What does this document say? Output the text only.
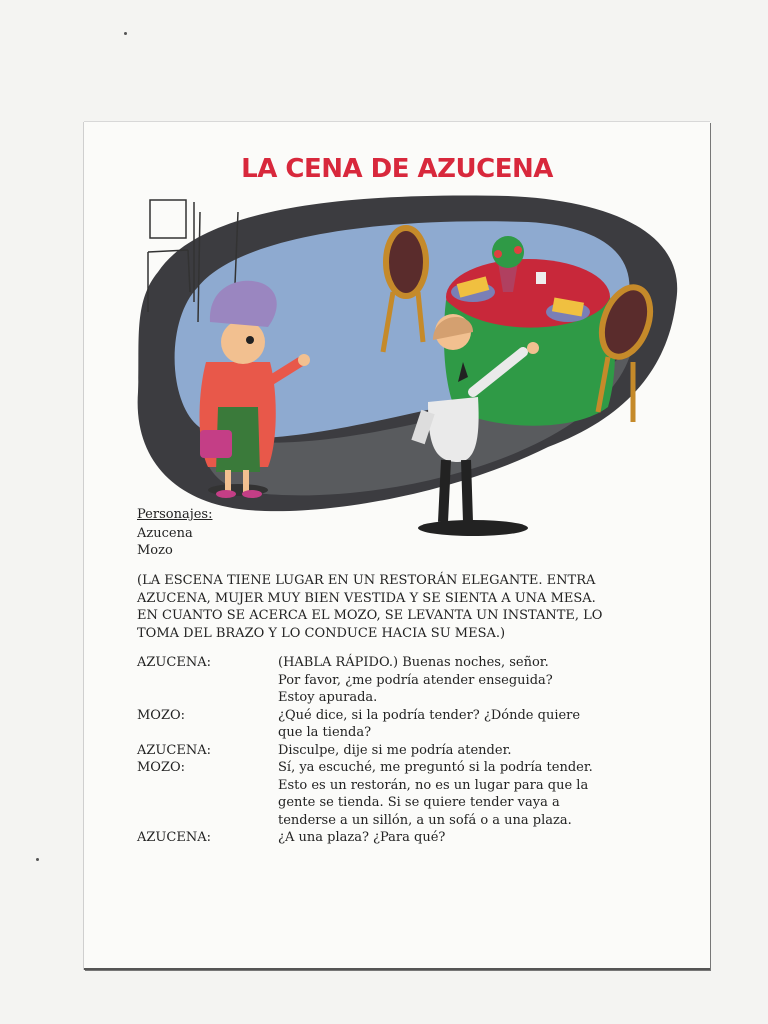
LA CENA DE AZUCENA
Personajes:
Azucena
Mozo
(LA ESCENA TIENE LUGAR EN UN RESTORÁN ELEGANTE. ENTRA
AZUCENA, MUJER MUY BIEN VESTIDA Y SE SIENTA A UNA MESA.
EN CUANTO SE ACERCA EL MOZO, SE LEVANTA UN INSTANTE, LO
TOMA DEL BRAZO Y LO CONDUCE HACIA SU MESA.)
AZUCENA:	(HABLA RÁPIDO.) Buenas noches, señor.
Por favor, ¿me podría atender enseguida?
Estoy apurada.
MOZO:	¿Qué dice, si la podría tender? ¿Dónde quiere
que la tienda?
AZUCENA:	Disculpe, dije si me podría atender.
MOZO:	Sí, ya escuché, me preguntó si la podría tender.
Esto es un restorán, no es un lugar para que la
gente se tienda. Si se quiere tender vaya a
tenderse a un sillón, a un sofá o a una plaza.
AZUCENA:	¿A una plaza? ¿Para qué?
